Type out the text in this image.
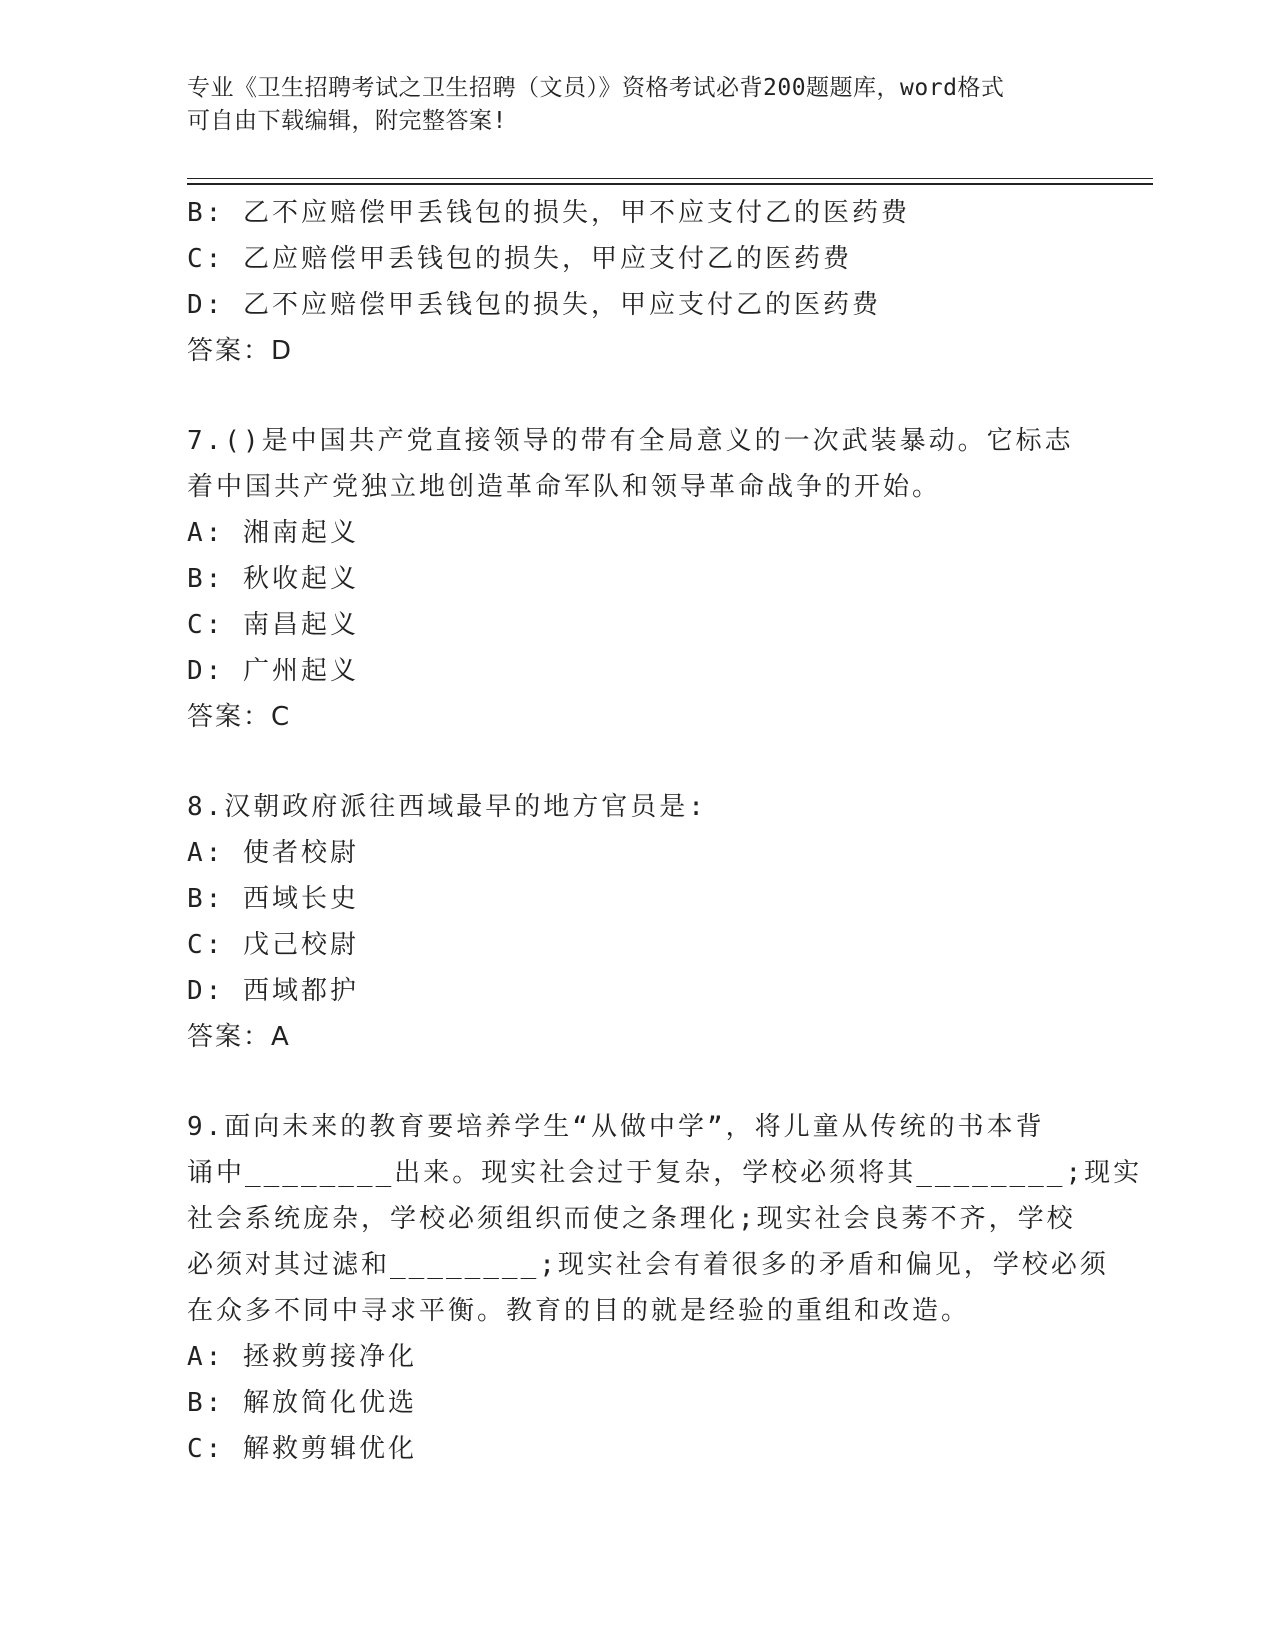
专业《卫生招聘考试之卫生招聘（文员）》资格考试必背200题题库，word格式
可自由下载编辑，附完整答案!
B: 乙不应赔偿甲丢钱包的损失，甲不应支付乙的医药费
C: 乙应赔偿甲丢钱包的损失，甲应支付乙的医药费
D: 乙不应赔偿甲丢钱包的损失，甲应支付乙的医药费
答案：D
7.()是中国共产党直接领导的带有全局意义的一次武装暴动。它标志
着中国共产党独立地创造革命军队和领导革命战争的开始。
A: 湘南起义
B: 秋收起义
C: 南昌起义
D: 广州起义
答案：C
8.汉朝政府派往西域最早的地方官员是:
A: 使者校尉
B: 西域长史
C: 戊己校尉
D: 西域都护
答案：A
9.面向未来的教育要培养学生“从做中学”，将儿童从传统的书本背
诵中________出来。现实社会过于复杂，学校必须将其________;现实
社会系统庞杂，学校必须组织而使之条理化;现实社会良莠不齐，学校
必须对其过滤和________;现实社会有着很多的矛盾和偏见，学校必须
在众多不同中寻求平衡。教育的目的就是经验的重组和改造。
A: 拯救剪接净化
B: 解放简化优选
C: 解救剪辑优化
